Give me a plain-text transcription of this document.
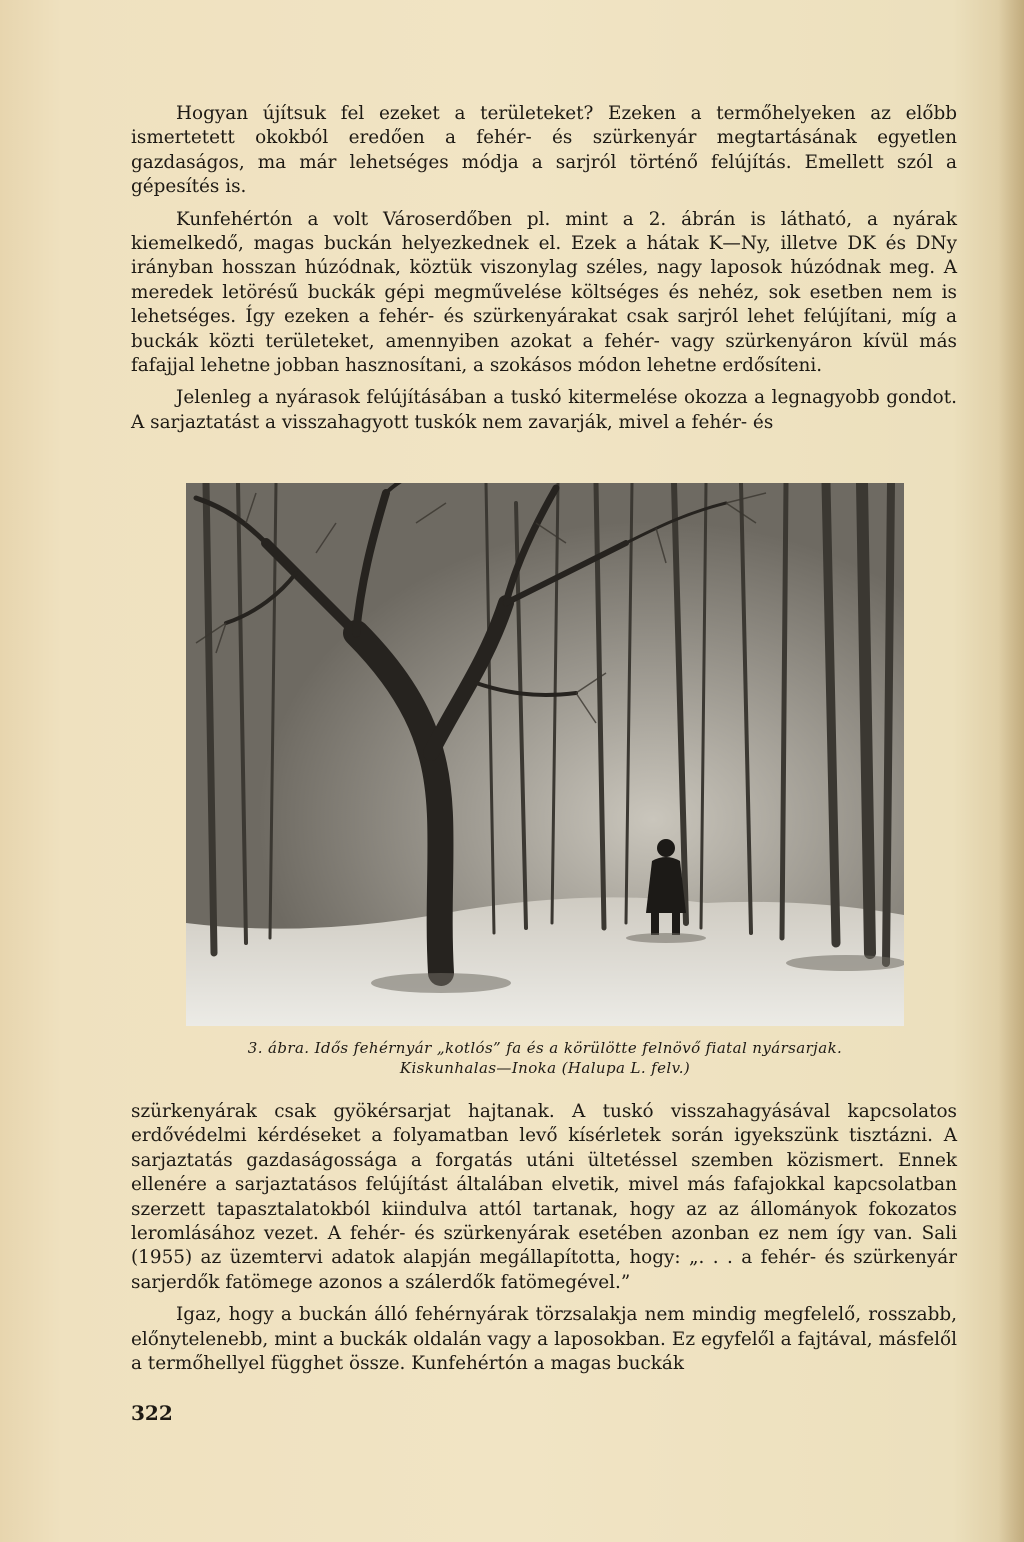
Hogyan újítsuk fel ezeket a területeket? Ezeken a termőhelyeken az előbb ismertetett okokból eredően a fehér- és szürkenyár megtartásának egyetlen gazdaságos, ma már lehetséges módja a sarjról történő felújítás. Emellett szól a gépesítés is.

Kunfehértón a volt Városerdőben pl. mint a 2. ábrán is látható, a nyárak kiemelkedő, magas buckán helyezkednek el. Ezek a hátak K—Ny, illetve DK és DNy irányban hosszan húzódnak, köztük viszonylag széles, nagy laposok húzódnak meg. A meredek letörésű buckák gépi megművelése költséges és nehéz, sok esetben nem is lehetséges. Így ezeken a fehér- és szürkenyárakat csak sarjról lehet felújítani, míg a buckák közti területeket, amennyiben azokat a fehér- vagy szürkenyáron kívül más fafajjal lehetne jobban hasznosítani, a szokásos módon lehetne erdősíteni.

Jelenleg a nyárasok felújításában a tuskó kitermelése okozza a legnagyobb gondot. A sarjaztatást a visszahagyott tuskók nem zavarják, mivel a fehér- és

3. ábra. Idős fehérnyár „kotlós” fa és a körülötte felnövő fiatal nyársarjak.
Kiskunhalas—Inoka (Halupa L. felv.)

szürkenyárak csak gyökérsarjat hajtanak. A tuskó visszahagyásával kapcsolatos erdővédelmi kérdéseket a folyamatban levő kísérletek során igyekszünk tisztázni. A sarjaztatás gazdaságossága a forgatás utáni ültetéssel szemben közismert. Ennek ellenére a sarjaztatásos felújítást általában elvetik, mivel más fafajokkal kapcsolatban szerzett tapasztalatokból kiindulva attól tartanak, hogy az az állományok fokozatos leromlásához vezet. A fehér- és szürkenyárak esetében azonban ez nem így van. Sali (1955) az üzemtervi adatok alapján megállapította, hogy: „. . . a fehér- és szürkenyár sarjerdők fatömege azonos a szálerdők fatömegével.”

Igaz, hogy a buckán álló fehérnyárak törzsalakja nem mindig megfelelő, rosszabb, előnytelenebb, mint a buckák oldalán vagy a laposokban. Ez egyfelől a fajtával, másfelől a termőhellyel függhet össze. Kunfehértón a magas buckák

322
